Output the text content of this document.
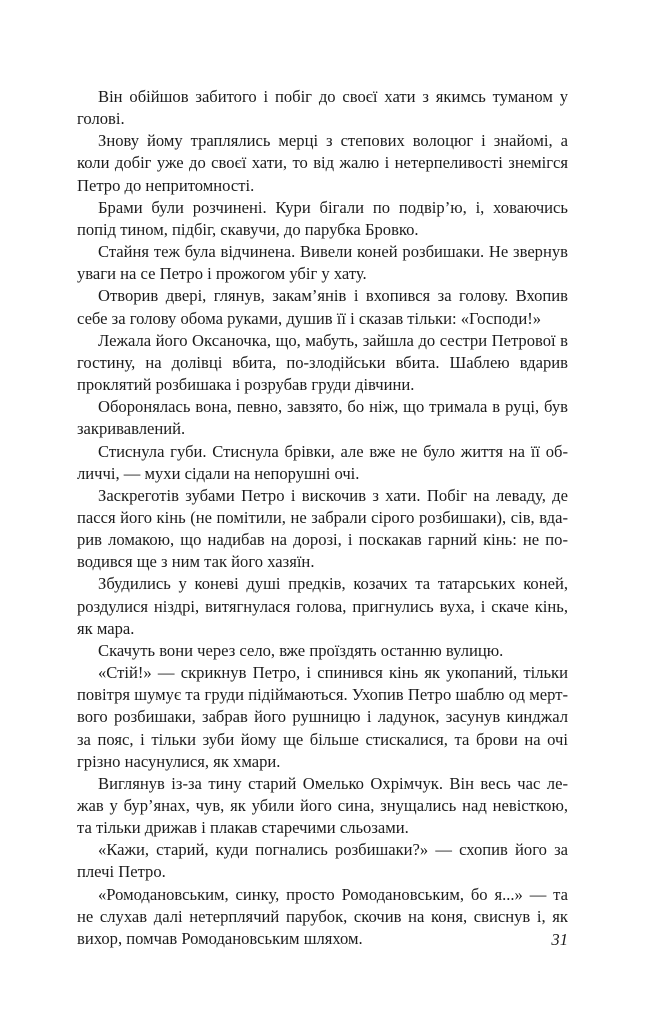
Він обійшов забитого і побіг до своєї хати з якимсь туманом у голові.

Знову йому траплялись мерці з степових волоцюг і знайомі, а коли добіг уже до своєї хати, то від жалю і нетерпеливості знемігся Петро до непритомності.

Брами були розчинені. Кури бігали по подвір’ю, і, ховаючись попід тином, підбіг, скавучи, до парубка Бровко.

Стайня теж була відчинена. Вивели коней розбишаки. Не звернув уваги на се Петро і прожогом убіг у хату.

Отворив двері, глянув, закам’янів і вхопився за голову. Вхопив себе за голову обома руками, душив її і сказав тільки: «Господи!»

Лежала його Оксаночка, що, мабуть, зайшла до сестри Петрової в гостину, на долівці вбита, по-злодійськи вбита. Шаблею вдарив проклятий розбишака і розрубав груди дівчини.

Оборонялась вона, певно, завзято, бо ніж, що тримала в руці, був закривавлений.

Стиснула губи. Стиснула брівки, але вже не було життя на її обличчі, — мухи сідали на непорушні очі.

Заскреготів зубами Петро і вискочив з хати. Побіг на леваду, де пасся його кінь (не помітили, не забрали сірого розбишаки), сів, вдарив ломакою, що надибав на дорозі, і поскакав гарний кінь: не поводився ще з ним так його хазяїн.

Збудились у коневі душі предків, козачих та татарських коней, роздулися ніздрі, витягнулася голова, пригнулись вуха, і скаче кінь, як мара.

Скачуть вони через село, вже проїздять останню вулицю.

«Стій!» — скрикнув Петро, і спинився кінь як укопаний, тільки повітря шумує та груди підіймаються. Ухопив Петро шаблю од мертвого розбишаки, забрав його рушницю і ладунок, засунув кинджал за пояс, і тільки зуби йому ще більше стискалися, та брови на очі грізно насунулися, як хмари.

Виглянув із-за тину старий Омелько Охрімчук. Він весь час лежав у бур’янах, чув, як убили його сина, знущались над невісткою, та тільки дрижав і плакав старечими сльозами.

«Кажи, старий, куди погнались розбишаки?» — схопив його за плечі Петро.

«Ромодановським, синку, просто Ромодановським, бо я...» — та не слухав далі нетерплячий парубок, скочив на коня, свиснув і, як вихор, помчав Ромодановським шляхом.	31
